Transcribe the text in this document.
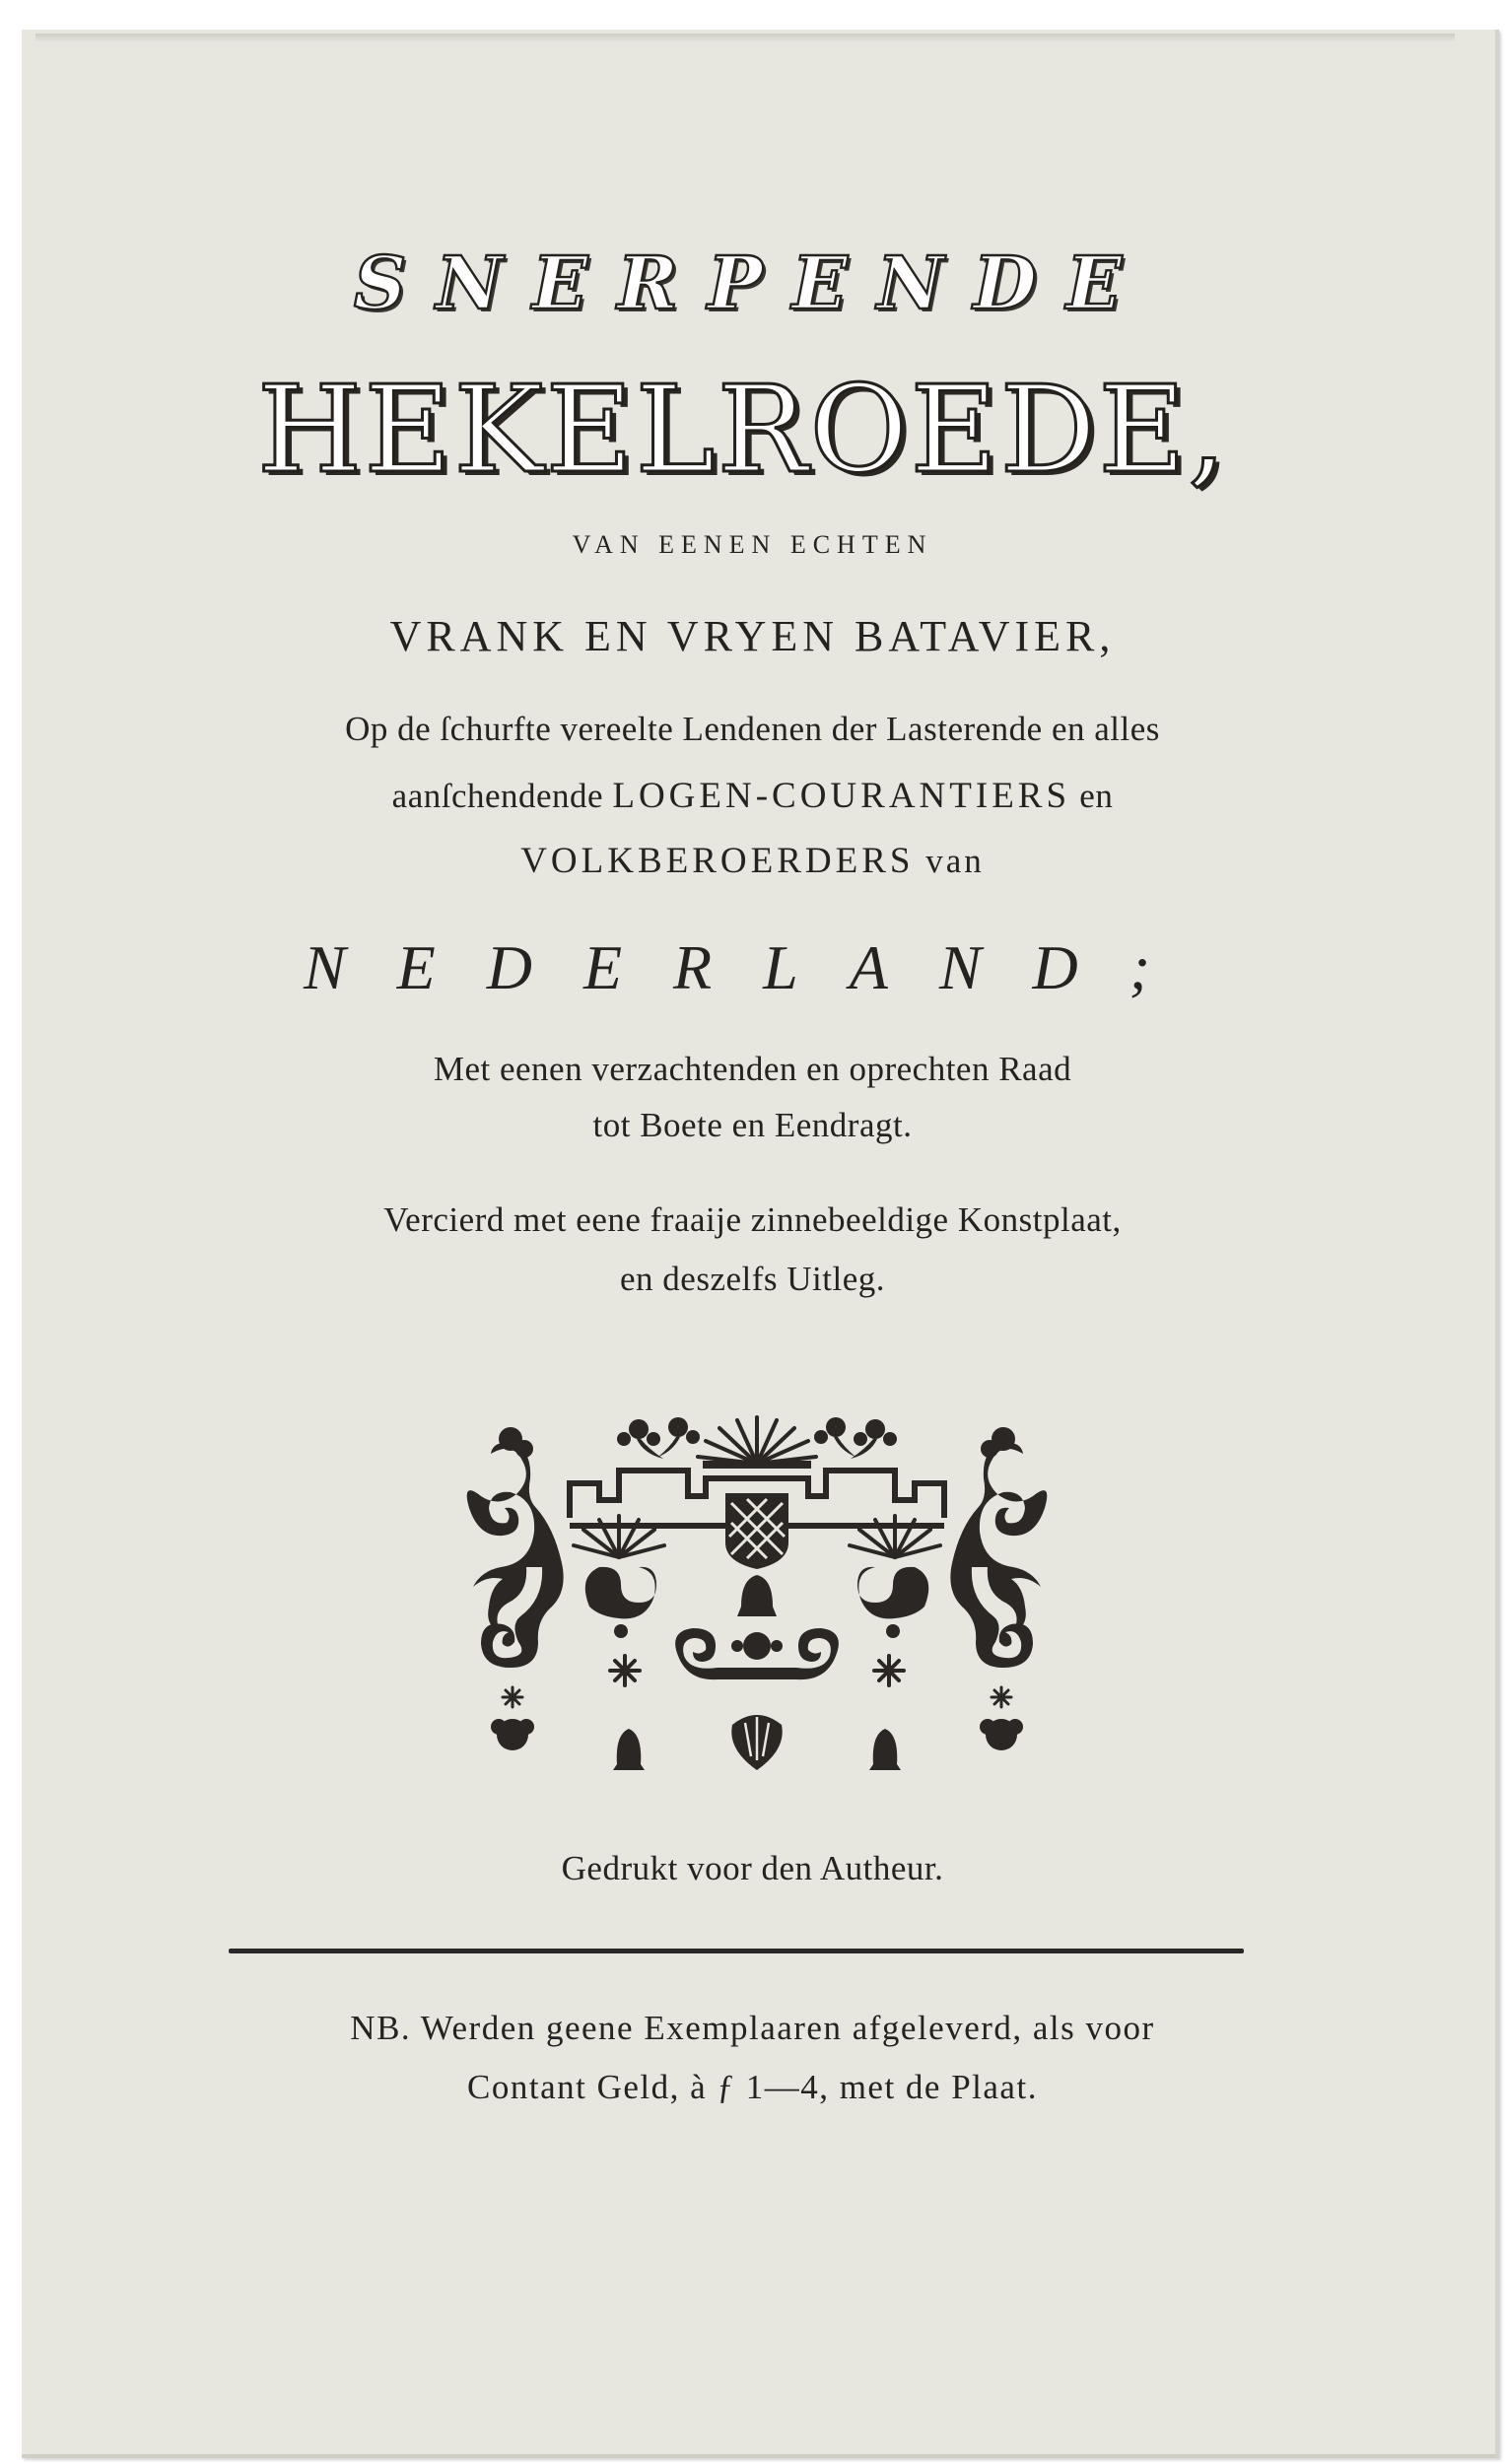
SNERPENDE
HEKELROEDE,
VAN EENEN ECHTEN
VRANK EN VRYEN BATAVIER,
Op de ſchurfte vereelte Lendenen der Lasterende en alles
aanſchendende LOGEN-COURANTIERS en
VOLKBEROERDERS van
NEDERLAND;
Met eenen verzachtenden en oprechten Raad
tot Boete en Eendragt.
Vercierd met eene fraaije zinnebeeldige Konstplaat,
en deszelfs Uitleg.
Gedrukt voor den Autheur.
NB. Werden geene Exemplaaren afgeleverd, als voor
Contant Geld, à ƒ 1—4, met de Plaat.
